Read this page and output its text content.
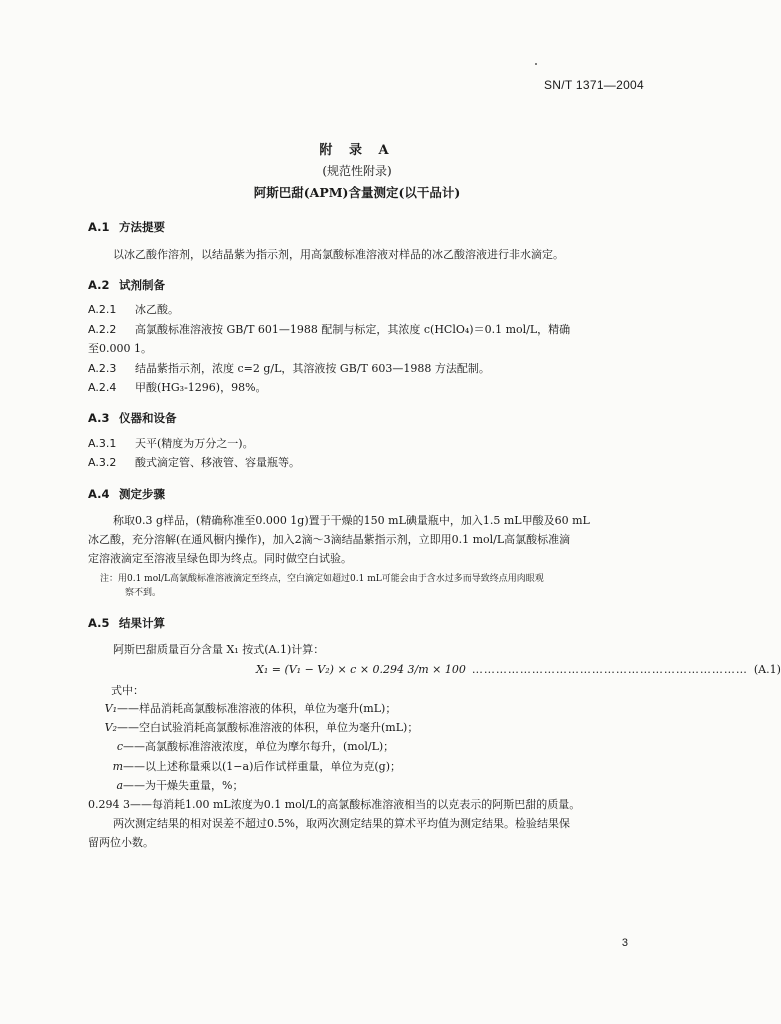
SN/T 1371—2004
附 录 A
(规范性附录)
阿斯巴甜(APM)含量测定(以干品计)
A.1 方法提要
以冰乙酸作溶剂，以结晶紫为指示剂，用高氯酸标准溶液对样品的冰乙酸溶液进行非水滴定。
A.2 试剂制备
A.2.1 冰乙酸。
A.2.2 高氯酸标准溶液按 GB/T 601—1988 配制与标定，其浓度 c(HClO₄)＝0.1 mol/L，精确
至0.000 1。
A.2.3 结晶紫指示剂，浓度 c=2 g/L，其溶液按 GB/T 603—1988 方法配制。
A.2.4 甲酸(HG₃-1296)，98%。
A.3 仪器和设备
A.3.1 天平(精度为万分之一)。
A.3.2 酸式滴定管、移液管、容量瓶等。
A.4 测定步骤
称取0.3 g样品，(精确称准至0.000 1g)置于干燥的150 mL碘量瓶中，加入1.5 mL甲酸及60 mL
冰乙酸，充分溶解(在通风橱内操作)，加入2滴～3滴结晶紫指示剂，立即用0.1 mol/L高氯酸标准滴
定溶液滴定至溶液呈绿色即为终点。同时做空白试验。
注：用0.1 mol/L高氯酸标准溶液滴定至终点，空白滴定如超过0.1 mL可能会由于含水过多而导致终点用肉眼观
察不到。
A.5 结果计算
阿斯巴甜质量百分含量 X₁ 按式(A.1)计算：
X₁ = (V₁ − V₂) × c × 0.294 3/m × 100 …………………………………………………………… (A.1)
式中：
V₁——样品消耗高氯酸标准溶液的体积，单位为毫升(mL)；
V₂——空白试验消耗高氯酸标准溶液的体积，单位为毫升(mL)；
c——高氯酸标准溶液浓度，单位为摩尔每升，(mol/L)；
m——以上述称量乘以(1−a)后作试样重量，单位为克(g)；
a——为干燥失重量，%；
0.294 3——每消耗1.00 mL浓度为0.1 mol/L的高氯酸标准溶液相当的以克表示的阿斯巴甜的质量。
两次测定结果的相对误差不超过0.5%，取两次测定结果的算术平均值为测定结果。检验结果保
留两位小数。
3
